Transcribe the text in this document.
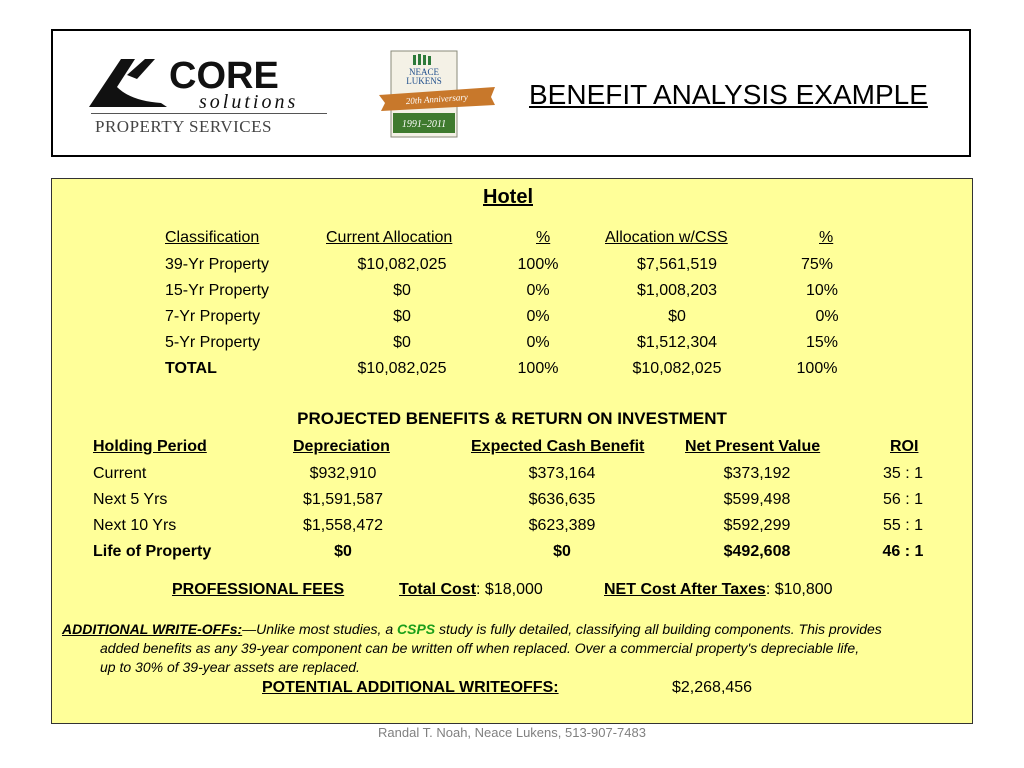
CORE
solutions
PROPERTY SERVICES
NEACE
LUKENS
20th Anniversary
1991–2011
BENEFIT ANALYSIS EXAMPLE
Hotel
Classification	Current Allocation	%	Allocation w/CSS	%
39-Yr Property	$10,082,025	100%	$7,561,519	75%
15-Yr Property	$0	0%	$1,008,203	10%
7-Yr Property	$0	0%	$0	0%
5-Yr Property	$0	0%	$1,512,304	15%
TOTAL	$10,082,025	100%	$10,082,025	100%
PROJECTED BENEFITS & RETURN ON INVESTMENT
Holding Period	Depreciation	Expected Cash Benefit	Net Present Value	ROI
Current	$932,910	$373,164	$373,192	35 : 1
Next 5 Yrs	$1,591,587	$636,635	$599,498	56 : 1
Next 10 Yrs	$1,558,472	$623,389	$592,299	55 : 1
Life of Property	$0	$0	$492,608	46 : 1
PROFESSIONAL FEES	Total Cost: $18,000	NET Cost After Taxes: $10,800
ADDITIONAL WRITE-OFFs:—Unlike most studies, a CSPS study is fully detailed, classifying all building components. This provides
added benefits as any 39-year component can be written off when replaced. Over a commercial property's depreciable life,
up to 30% of 39-year assets are replaced.
POTENTIAL ADDITIONAL WRITEOFFS:	$2,268,456
Randal T. Noah, Neace Lukens, 513-907-7483
